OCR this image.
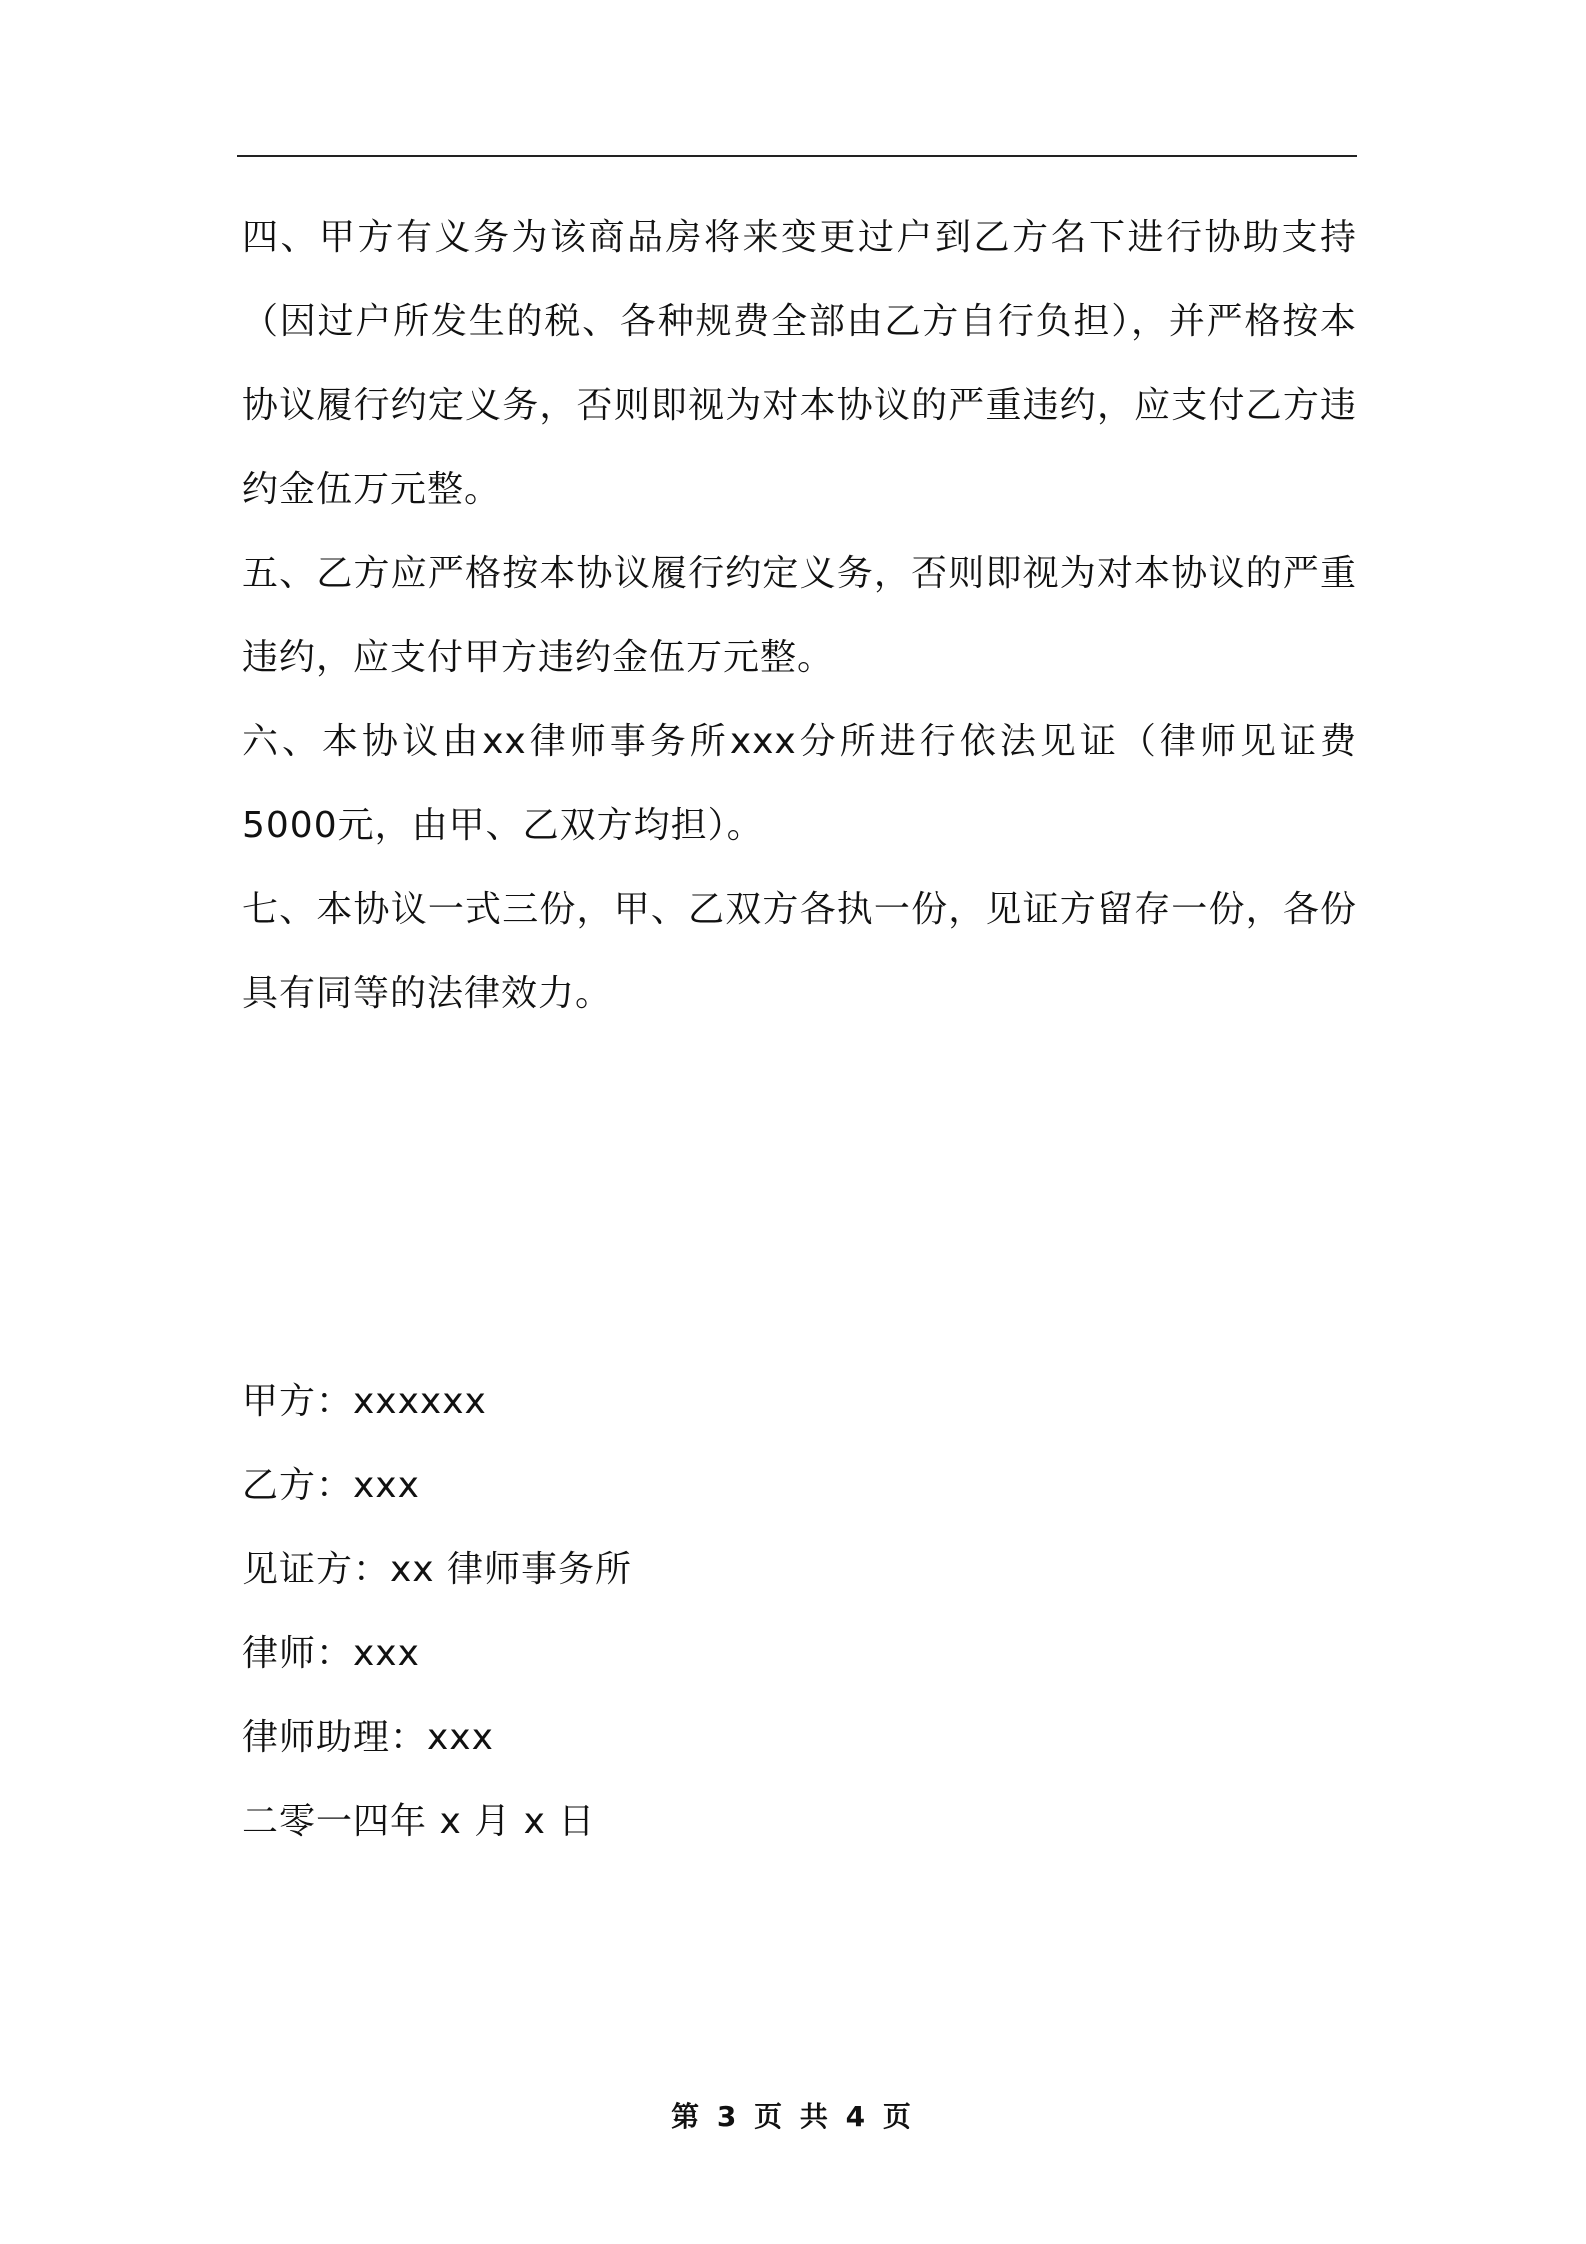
四、甲方有义务为该商品房将来变更过户到乙方名下进行协助支持（因过户所发生的税、各种规费全部由乙方自行负担），并严格按本协议履行约定义务，否则即视为对本协议的严重违约，应支付乙方违约金伍万元整。

五、乙方应严格按本协议履行约定义务，否则即视为对本协议的严重违约，应支付甲方违约金伍万元整。

六、本协议由xx律师事务所xxx分所进行依法见证（律师见证费5000元，由甲、乙双方均担）。

七、本协议一式三份，甲、乙双方各执一份，见证方留存一份，各份具有同等的法律效力。

甲方：xxxxxx

乙方：xxx

见证方：xx 律师事务所

律师：xxx

律师助理：xxx

二零一四年 x 月 x 日

第 3 页 共 4 页
